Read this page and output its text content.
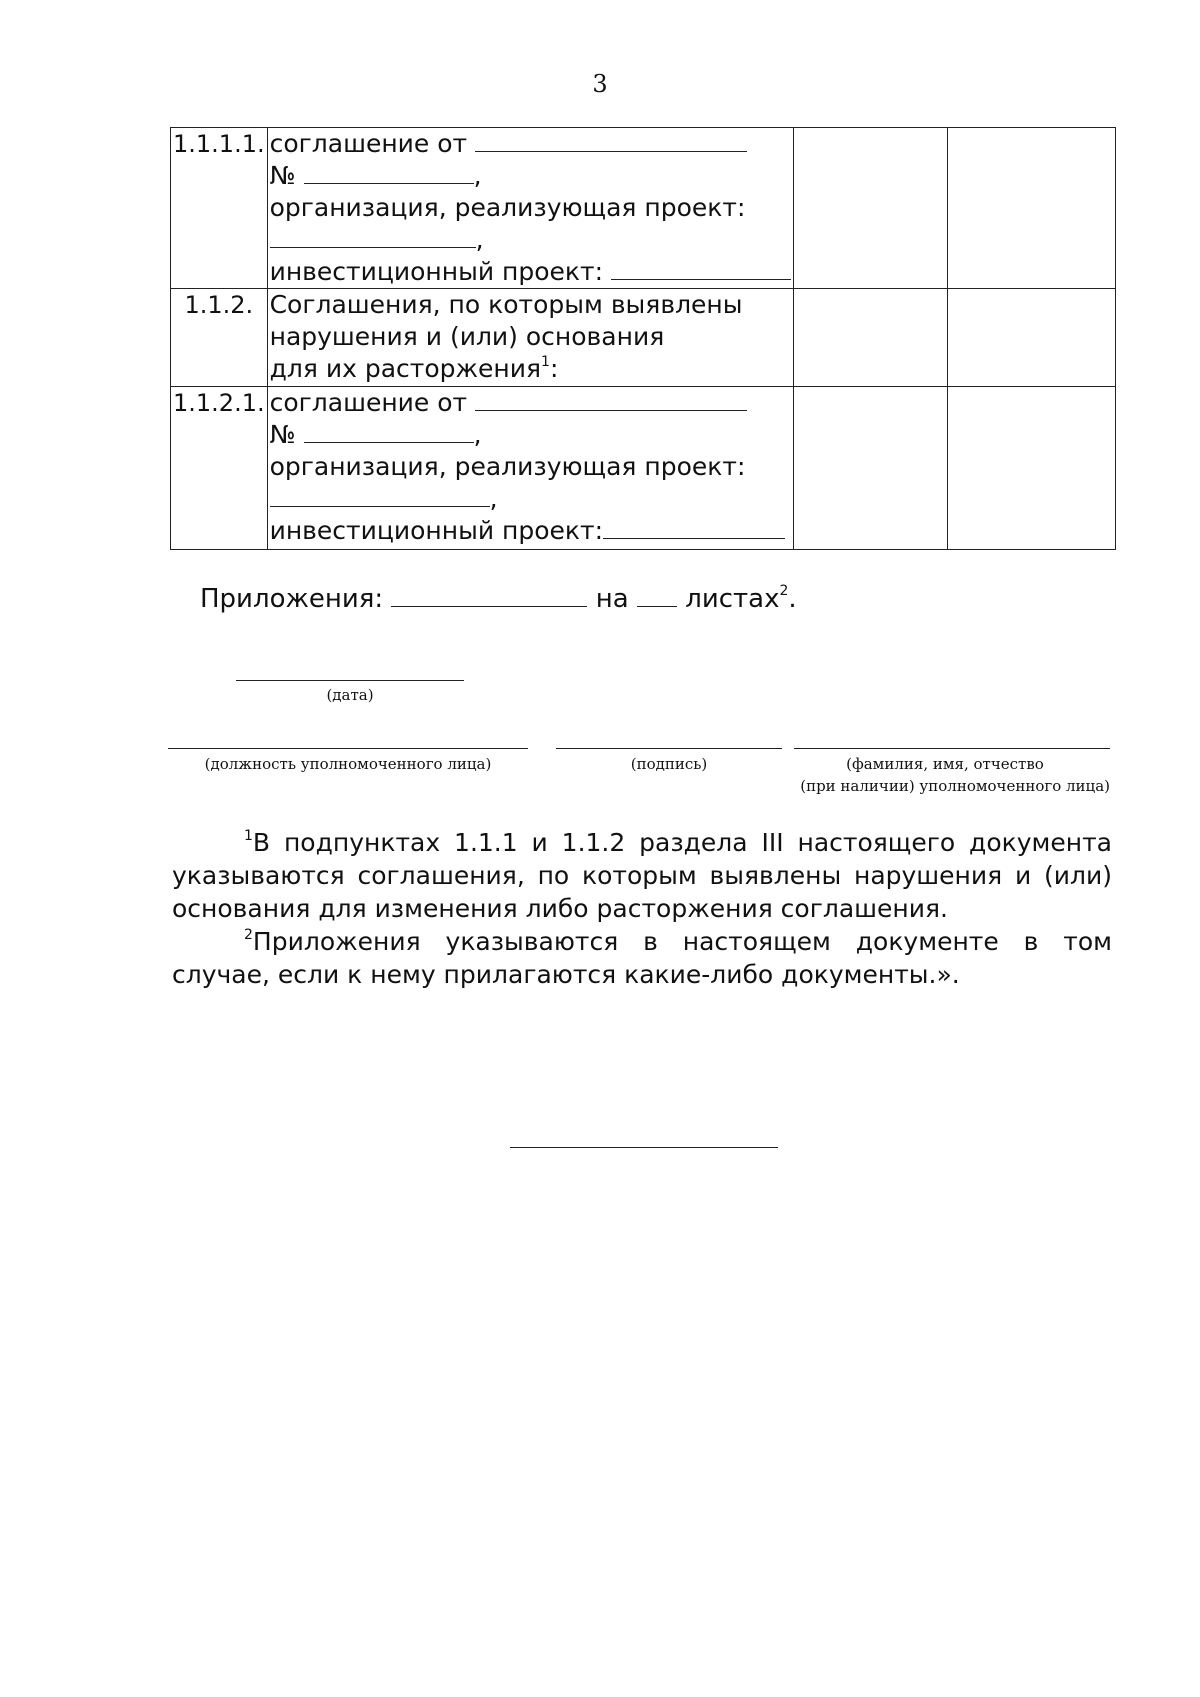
3
1.1.1.1.	соглашение от
№ ,
организация, реализующая проект:
,
инвестиционный проект:		

1.1.2.	Соглашения, по которым выявлены
нарушения и (или) основания
для их расторжения$^1$:		

1.1.2.1.	соглашение от
№ ,
организация, реализующая проект:
,
инвестиционный проект:		

Приложения:	на листах$^2$.
(дата)
(должность уполномоченного лица)	(подпись)	(фамилия, имя, отчество
(при наличии) уполномоченного лица)

$^1$В подпунктах 1.1.1 и 1.1.2 раздела III настоящего документа указываются соглашения, по которым выявлены нарушения и (или) основания для изменения либо расторжения соглашения.

$^2$Приложения указываются в настоящем документе в том случае, если к нему прилагаются какие-либо документы.».
